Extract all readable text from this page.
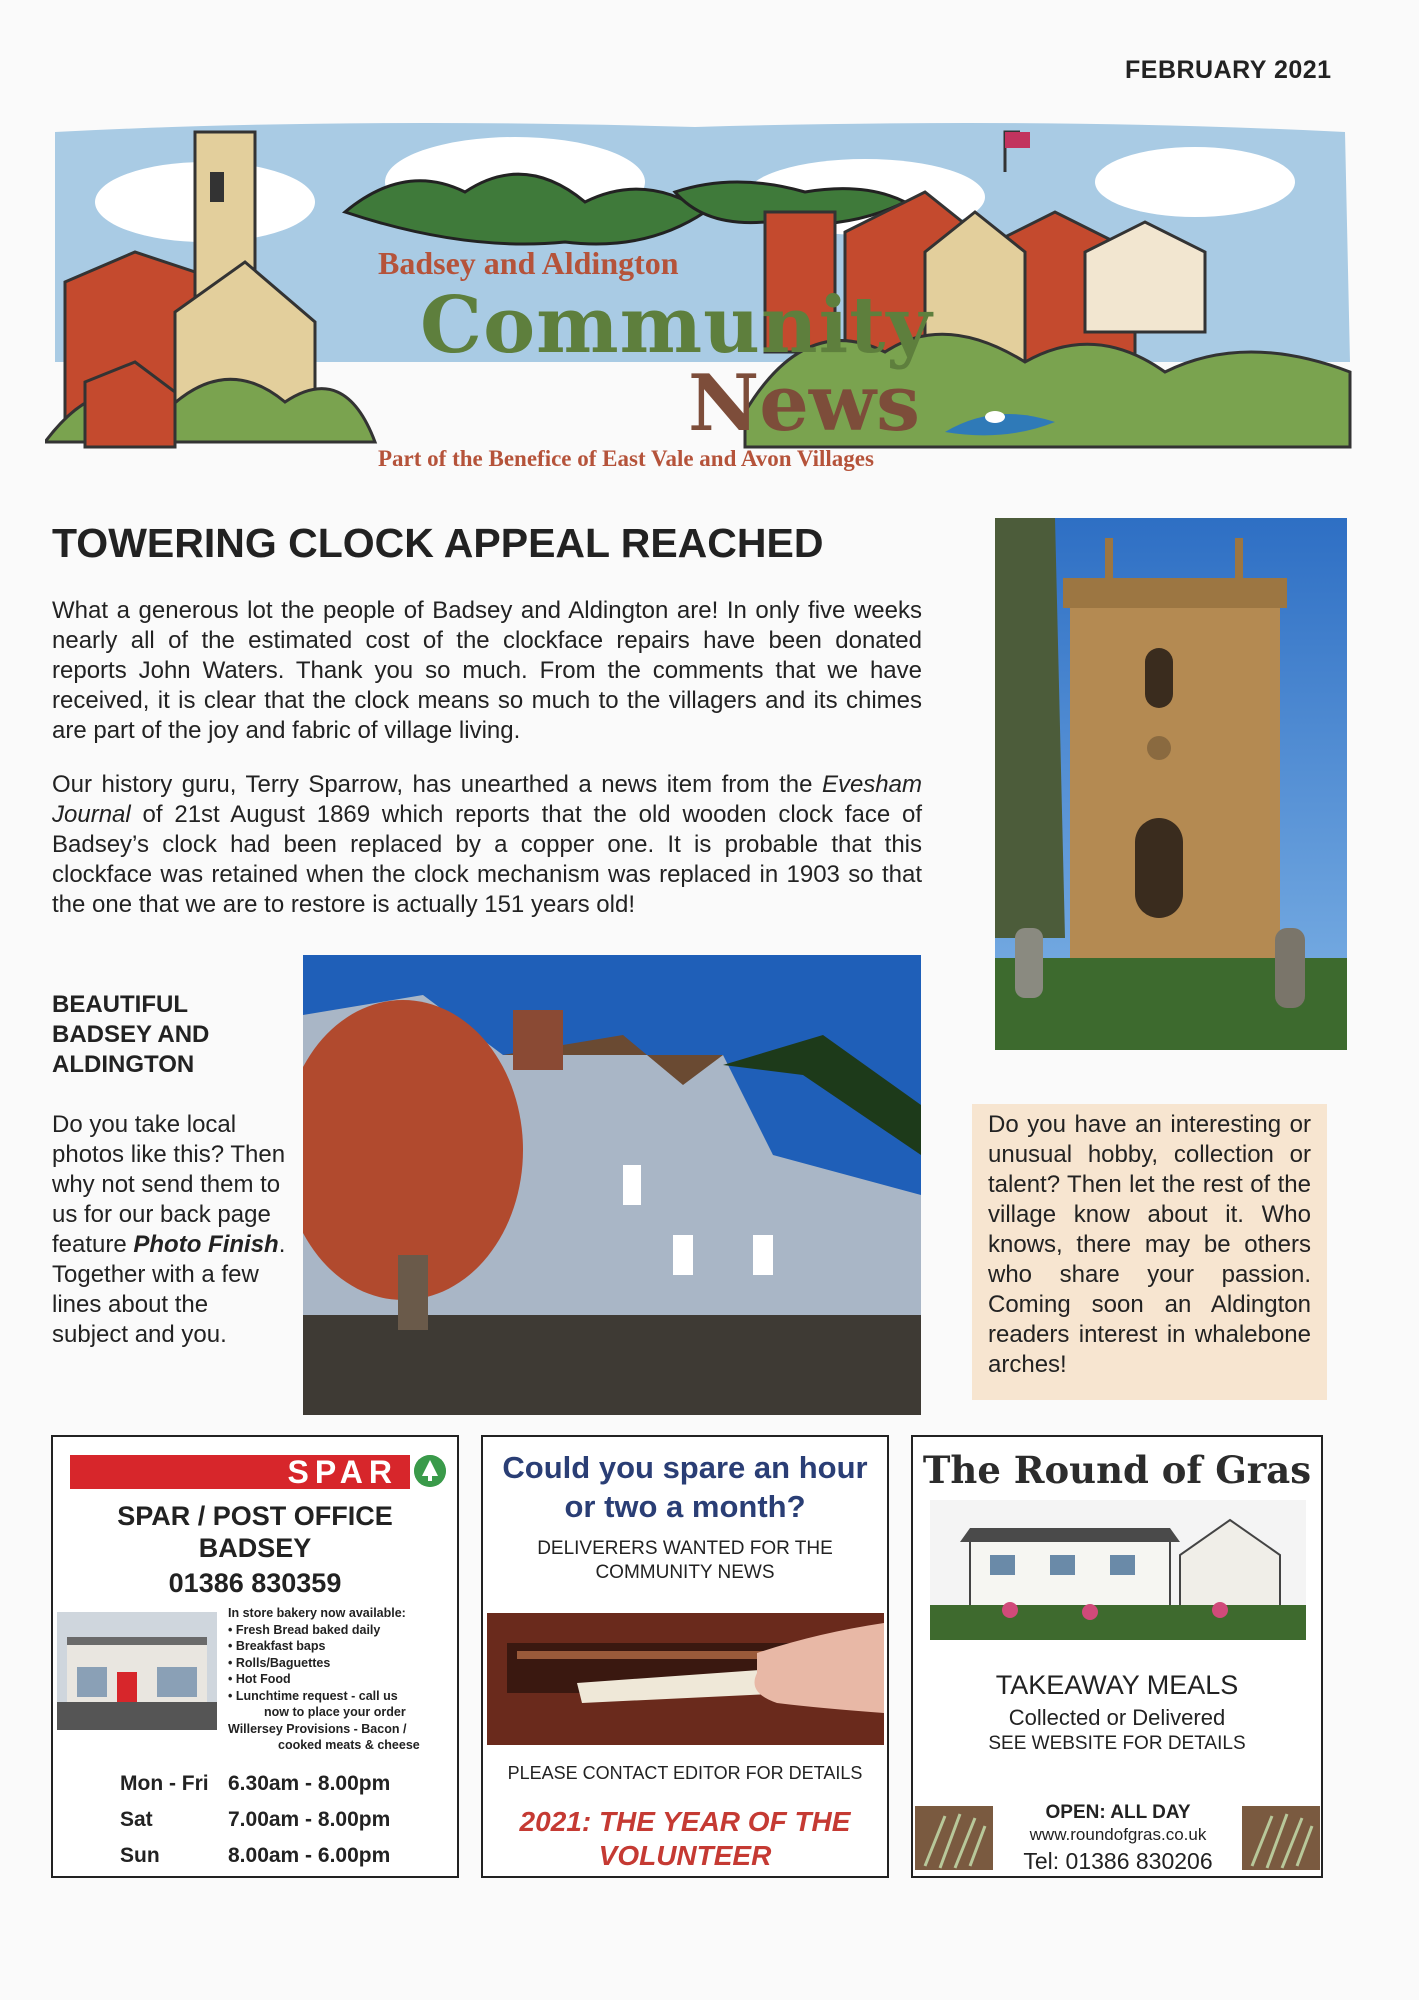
FEBRUARY 2021
Badsey and Aldington
Community
News
Part of the Benefice of East Vale and Avon Villages
TOWERING CLOCK APPEAL REACHED
What a generous lot the people of Badsey and Aldington are! In only five weeks nearly all of the estimated cost of the clockface repairs have been donated reports John Waters. Thank you so much. From the comments that we have received, it is clear that the clock means so much to the villagers and its chimes are part of the joy and fabric of village living.
Our history guru, Terry Sparrow, has unearthed a news item from the Evesham Journal of 21st August 1869 which reports that the old wooden clock face of Badsey’s clock had been replaced by a copper one. It is probable that this clockface was retained when the clock mechanism was replaced in 1903 so that the one that we are to restore is actually 151 years old!
BEAUTIFUL BADSEY AND ALDINGTON
Do you take local photos like this? Then why not send them to us for our back page feature Photo Finish. Together with a few lines about the subject and you.
Do you have an interesting or unusual hobby, collection or talent? Then let the rest of the village know about it. Who knows, there may be others who share your passion. Coming soon an Aldington readers interest in whalebone arches!
SPAR
SPAR / POST OFFICE
BADSEY
01386 830359
In store bakery now available:
• Fresh Bread baked daily
• Breakfast baps
• Rolls/Baguettes
• Hot Food
• Lunchtime request - call us
now to place your order
Willersey Provisions - Bacon /
cooked meats & cheese
Mon - Fri 6.30am - 8.00pm
Sat	7.00am - 8.00pm
Sun	8.00am - 6.00pm
Could you spare an hour or two a month?
DELIVERERS WANTED FOR THE COMMUNITY NEWS
PLEASE CONTACT EDITOR FOR DETAILS
2021: THE YEAR OF THE VOLUNTEER
The Round of Gras
TAKEAWAY MEALS
Collected or Delivered
SEE WEBSITE FOR DETAILS
OPEN: ALL DAY
www.roundofgras.co.uk
Tel: 01386 830206
